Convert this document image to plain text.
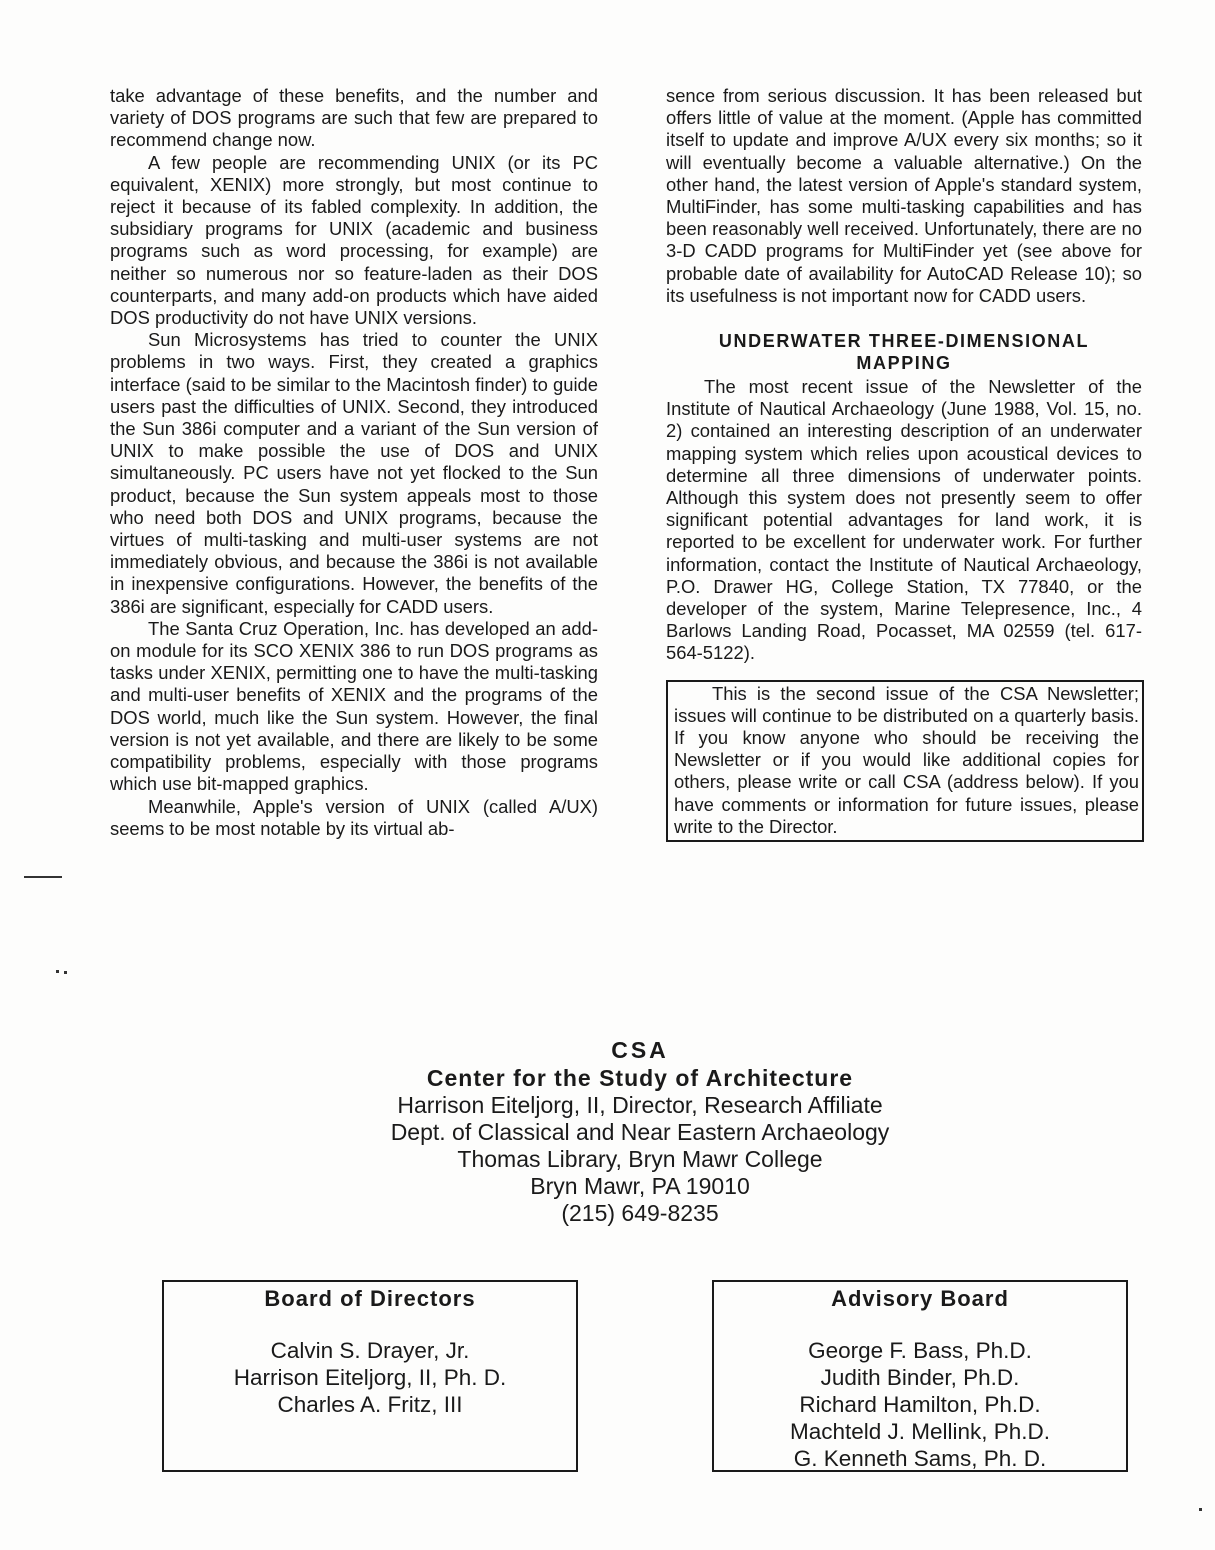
take advantage of these benefits, and the number and variety of DOS programs are such that few are prepared to recommend change now.

A few people are recommending UNIX (or its PC equivalent, XENIX) more strongly, but most continue to reject it because of its fabled complexity. In addition, the subsidiary programs for UNIX (academic and business programs such as word processing, for example) are neither so numerous nor so feature-laden as their DOS counterparts, and many add-on products which have aided DOS productivity do not have UNIX versions.

Sun Microsystems has tried to counter the UNIX problems in two ways. First, they created a graphics interface (said to be similar to the Macintosh finder) to guide users past the difficulties of UNIX. Second, they introduced the Sun 386i computer and a variant of the Sun version of UNIX to make possible the use of DOS and UNIX simultaneously. PC users have not yet flocked to the Sun product, because the Sun system appeals most to those who need both DOS and UNIX programs, because the virtues of multi-tasking and multi-user systems are not immediately obvious, and because the 386i is not available in inexpensive configurations. However, the benefits of the 386i are significant, especially for CADD users.

The Santa Cruz Operation, Inc. has developed an add-on module for its SCO XENIX 386 to run DOS programs as tasks under XENIX, permitting one to have the multi-tasking and multi-user benefits of XENIX and the programs of the DOS world, much like the Sun system. However, the final version is not yet available, and there are likely to be some compatibility problems, especially with those programs which use bit-mapped graphics.

Meanwhile, Apple's version of UNIX (called A/UX) seems to be most notable by its virtual ab-

sence from serious discussion. It has been released but offers little of value at the moment. (Apple has committed itself to update and improve A/UX every six months; so it will eventually become a valuable alternative.) On the other hand, the latest version of Apple's standard system, MultiFinder, has some multi-tasking capabilities and has been reasonably well received. Unfortunately, there are no 3-D CADD programs for MultiFinder yet (see above for probable date of availability for AutoCAD Release 10); so its usefulness is not important now for CADD users.

UNDERWATER THREE-DIMENSIONAL
MAPPING

The most recent issue of the Newsletter of the Institute of Nautical Archaeology (June 1988, Vol. 15, no. 2) contained an interesting description of an underwater mapping system which relies upon acoustical devices to determine all three dimensions of underwater points. Although this system does not presently seem to offer significant potential advantages for land work, it is reported to be excellent for underwater work. For further information, contact the Institute of Nautical Archaeology, P.O. Drawer HG, College Station, TX 77840, or the developer of the system, Marine Telepresence, Inc., 4 Barlows Landing Road, Pocasset, MA 02559 (tel. 617-564-5122).

This is the second issue of the CSA Newsletter; issues will continue to be distributed on a quarterly basis. If you know anyone who should be receiving the Newsletter or if you would like additional copies for others, please write or call CSA (address below). If you have comments or information for future issues, please write to the Director.

CSA
Center for the Study of Architecture
Harrison Eiteljorg, II, Director, Research Affiliate
Dept. of Classical and Near Eastern Archaeology
Thomas Library, Bryn Mawr College
Bryn Mawr, PA 19010
(215) 649-8235
Board of Directors
Calvin S. Drayer, Jr.
Harrison Eiteljorg, II, Ph. D.
Charles A. Fritz, III
Advisory Board
George F. Bass, Ph.D.
Judith Binder, Ph.D.
Richard Hamilton, Ph.D.
Machteld J. Mellink, Ph.D.
G. Kenneth Sams, Ph. D.
